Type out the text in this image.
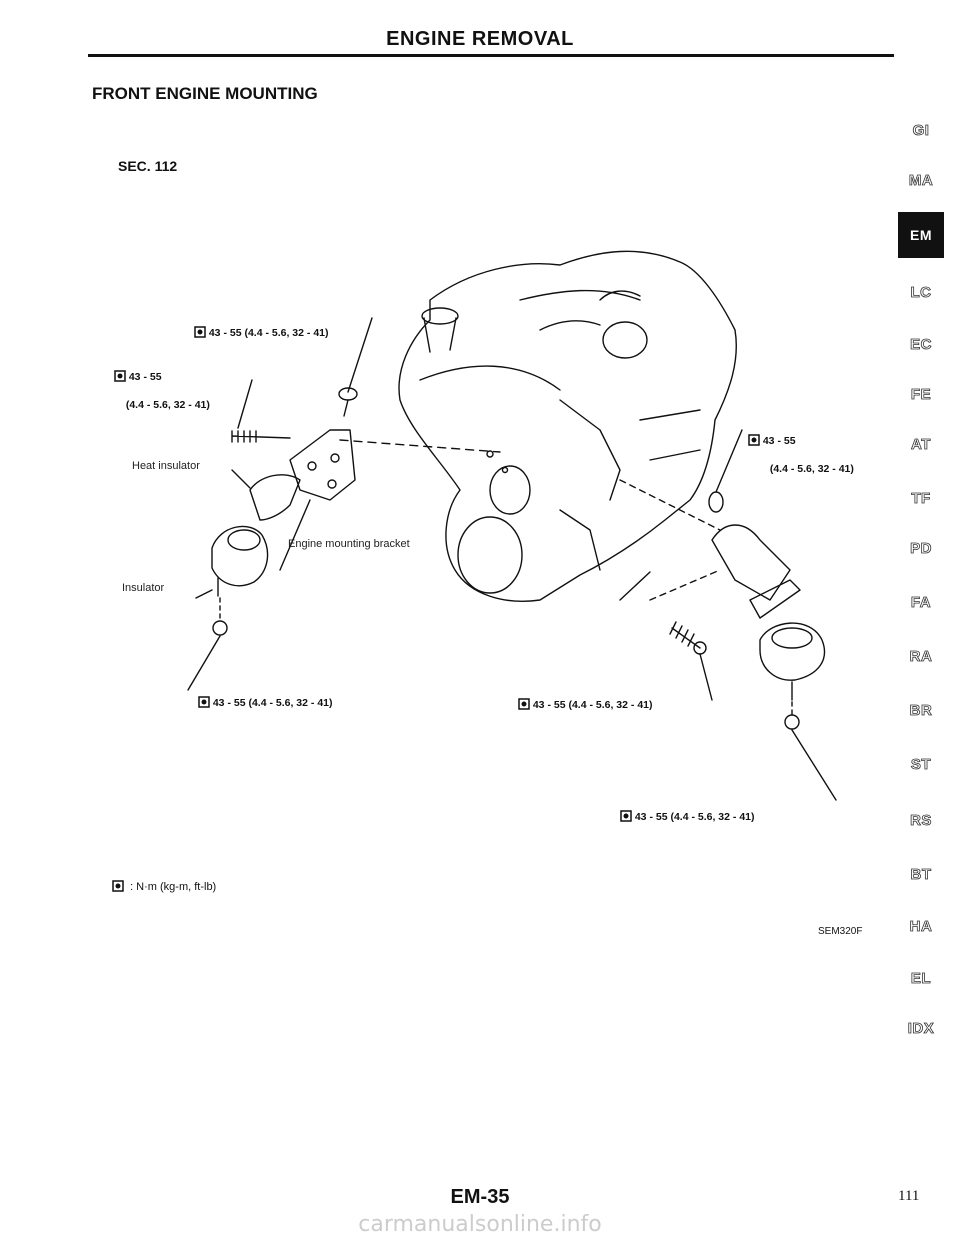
ENGINE REMOVAL
FRONT ENGINE MOUNTING
SEC. 112

43 - 55 (4.4 - 5.6, 32 - 41)

43 - 55

(4.4 - 5.6, 32 - 41)

43 - 55

(4.4 - 5.6, 32 - 41)

Heat insulator
Engine mounting bracket
Insulator

43 - 55 (4.4 - 5.6, 32 - 41)	43 - 55 (4.4 - 5.6, 32 - 41)

43 - 55 (4.4 - 5.6, 32 - 41)

: N·m (kg-m, ft-lb)
SEM320F
GI
MA
EM
LC
EC
FE
AT
TF
PD
FA
RA
BR
ST
RS
BT
HA
EL
IDX
EM-35	111
carmanualsonline.info
